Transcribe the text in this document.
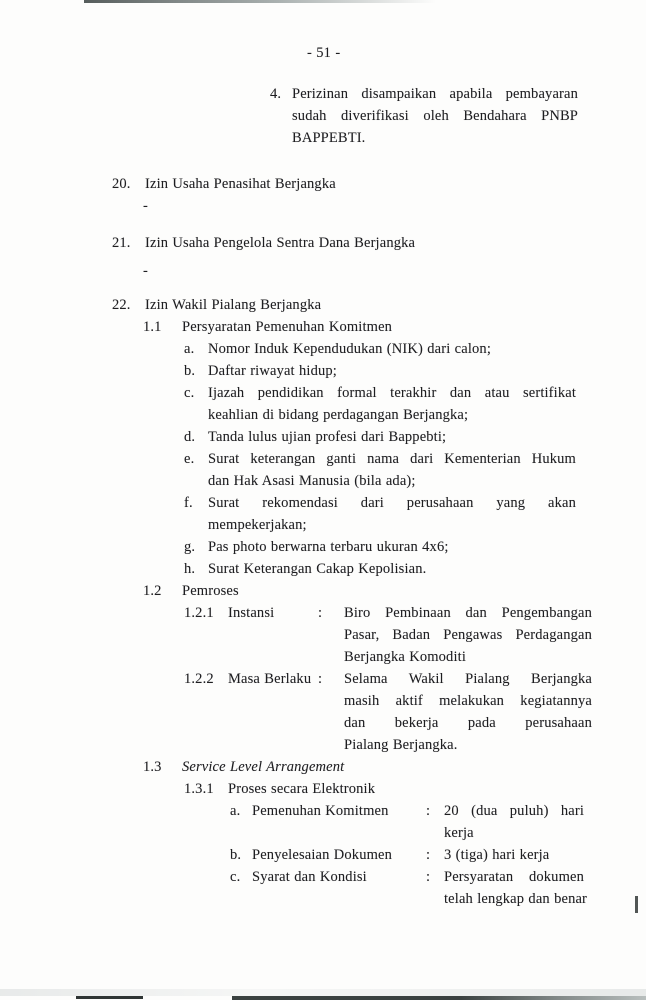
- 51 -
4. Perizinan disampaikan apabila pembayaran
sudah diverifikasi oleh Bendahara PNBP
BAPPEBTI.
20. Izin Usaha Penasihat Berjangka
-
21. Izin Usaha Pengelola Sentra Dana Berjangka
-
22. Izin Wakil Pialang Berjangka
1.1	Persyaratan Pemenuhan Komitmen
a. Nomor Induk Kependudukan (NIK) dari calon;
b. Daftar riwayat hidup;
c. Ijazah pendidikan formal terakhir dan atau sertifikat
keahlian di bidang perdagangan Berjangka;
d. Tanda lulus ujian profesi dari Bappebti;
e. Surat keterangan ganti nama dari Kementerian Hukum
dan Hak Asasi Manusia (bila ada);
f.	Surat rekomendasi dari perusahaan yang akan
mempekerjakan;
g. Pas photo berwarna terbaru ukuran 4x6;
h. Surat Keterangan Cakap Kepolisian.
1.2	Pemroses
1.2.1 Instansi	:	Biro Pembinaan dan Pengembangan
Pasar, Badan Pengawas Perdagangan
Berjangka Komoditi
1.2.2 Masa Berlaku :	Selama Wakil Pialang Berjangka
masih aktif melakukan kegiatannya
dan bekerja pada perusahaan
Pialang Berjangka.
1.3	Service Level Arrangement
1.3.1 Proses secara Elektronik
a. Pemenuhan Komitmen	: 20 (dua puluh) hari
kerja
b. Penyelesaian Dokumen	: 3 (tiga) hari kerja
c. Syarat dan Kondisi	: Persyaratan dokumen
telah lengkap dan benar
